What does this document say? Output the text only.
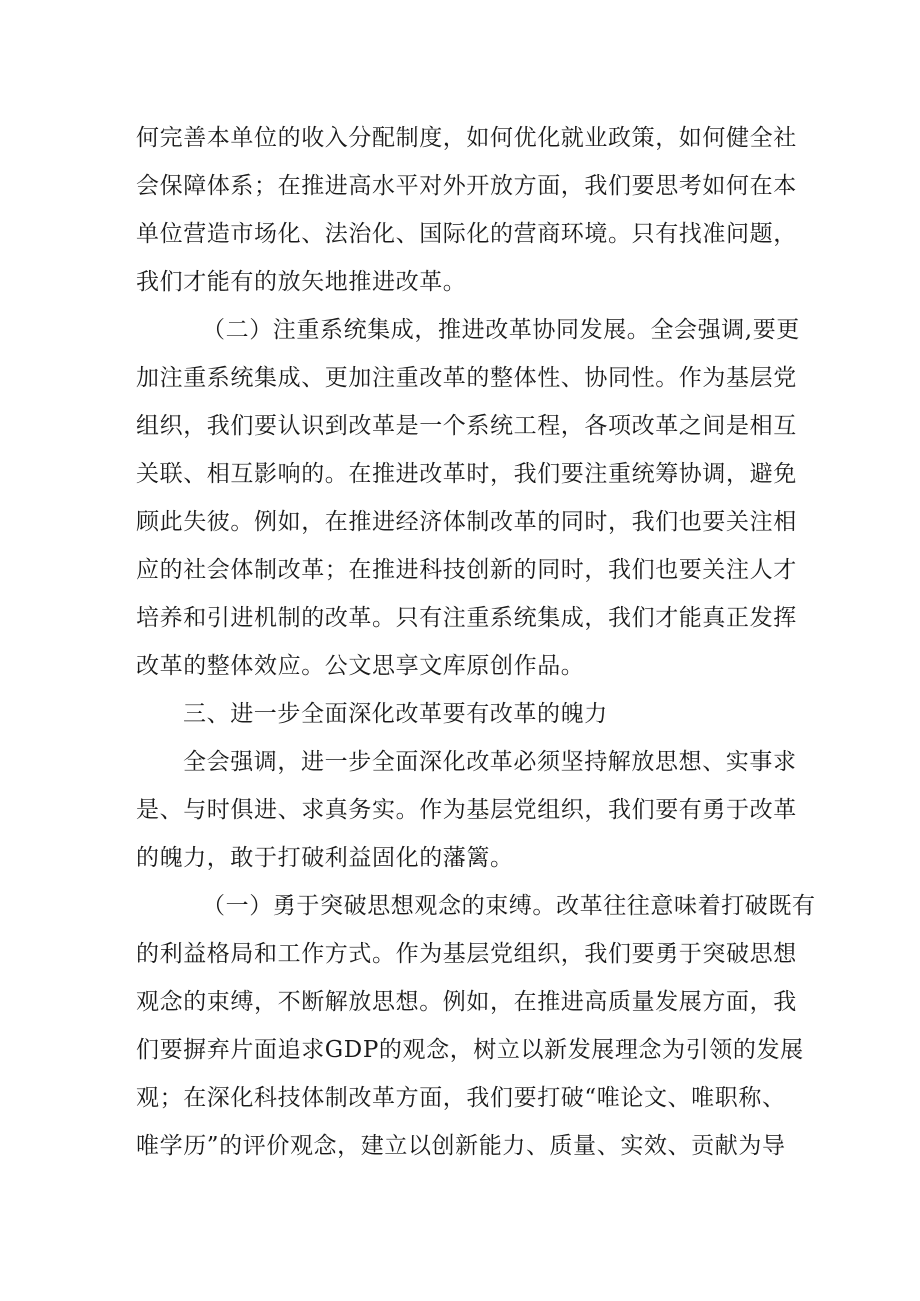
何完善本单位的收入分配制度，如何优化就业政策，如何健全社
会保障体系；在推进高水平对外开放方面，我们要思考如何在本
单位营造市场化、法治化、国际化的营商环境。只有找准问题，
我们才能有的放矢地推进改革。
（二）注重系统集成，推进改革协同发展。全会强调,要更
加注重系统集成、更加注重改革的整体性、协同性。作为基层党
组织，我们要认识到改革是一个系统工程，各项改革之间是相互
关联、相互影响的。在推进改革时，我们要注重统筹协调，避免
顾此失彼。例如，在推进经济体制改革的同时，我们也要关注相
应的社会体制改革；在推进科技创新的同时，我们也要关注人才
培养和引进机制的改革。只有注重系统集成，我们才能真正发挥
改革的整体效应。公文思享文库原创作品。
三、进一步全面深化改革要有改革的魄力
全会强调，进一步全面深化改革必须坚持解放思想、实事求
是、与时俱进、求真务实。作为基层党组织，我们要有勇于改革
的魄力，敢于打破利益固化的藩篱。
（一）勇于突破思想观念的束缚。改革往往意味着打破既有
的利益格局和工作方式。作为基层党组织，我们要勇于突破思想
观念的束缚，不断解放思想。例如，在推进高质量发展方面，我
们要摒弃片面追求GDP的观念，树立以新发展理念为引领的发展
观；在深化科技体制改革方面，我们要打破“唯论文、唯职称、
唯学历”的评价观念，建立以创新能力、质量、实效、贡献为导
